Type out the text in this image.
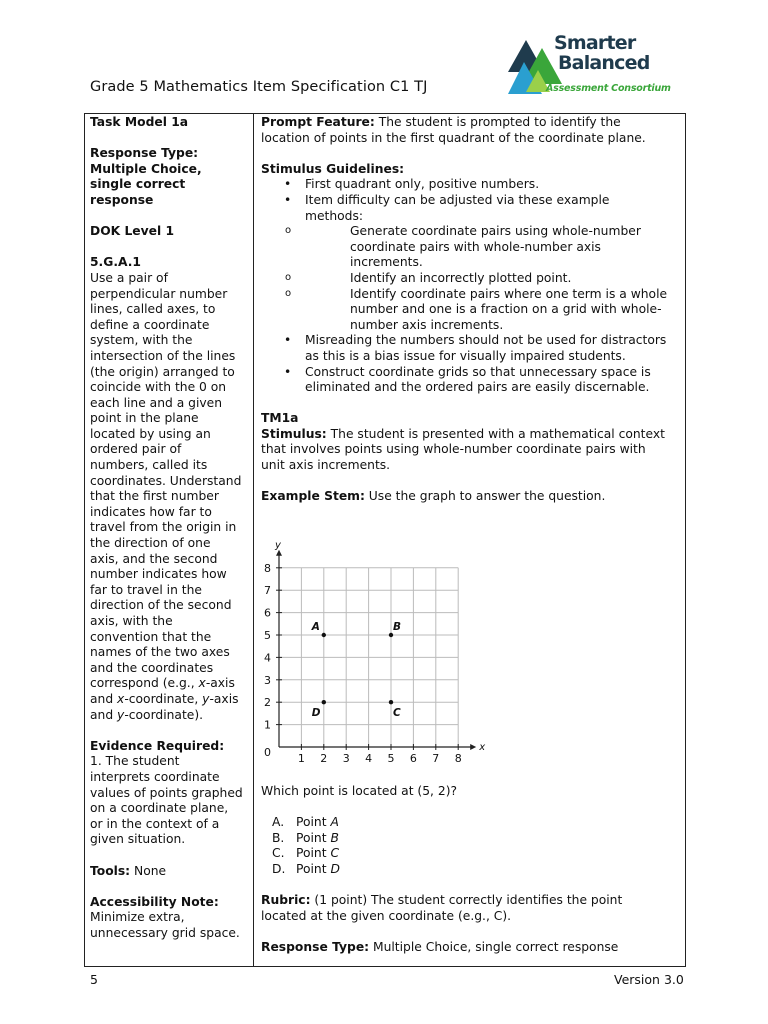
Grade 5 Mathematics Item Specification C1 TJ
Smarter
Balanced
Assessment Consortium

Task Model 1a

Response Type:

Multiple Choice,

single correct

response

DOK Level 1

5.G.A.1

Use a pair of

perpendicular number

lines, called axes, to

define a coordinate

system, with the

intersection of the lines

(the origin) arranged to

coincide with the 0 on

each line and a given

point in the plane

located by using an

ordered pair of

numbers, called its

coordinates. Understand

that the first number

indicates how far to

travel from the origin in

the direction of one

axis, and the second

number indicates how

far to travel in the

direction of the second

axis, with the

convention that the

names of the two axes

and the coordinates

correspond (e.g., x-axis

and x-coordinate, y-axis

and y-coordinate).

Evidence Required:

1. The student

interprets coordinate

values of points graphed

on a coordinate plane,

or in the context of a

given situation.

Tools: None

Accessibility Note:

Minimize extra,

unnecessary grid space.

Prompt Feature: The student is prompted to identify the

location of points in the first quadrant of the coordinate plane.

Stimulus Guidelines:

• First quadrant only, positive numbers.
• Item difficulty can be adjusted via these example
methods:
o Generate coordinate pairs using whole-number
coordinate pairs with whole-number axis
increments.
o Identify an incorrectly plotted point.
o Identify coordinate pairs where one term is a whole
number and one is a fraction on a grid with whole-
number axis increments.
• Misreading the numbers should not be used for distractors
as this is a bias issue for visually impaired students.
• Construct coordinate grids so that unnecessary space is
eliminated and the ordered pairs are easily discernable.

TM1a

Stimulus: The student is presented with a mathematical context

that involves points using whole-number coordinate pairs with

unit axis increments.

Example Stem: Use the graph to answer the question.

1 2 3 4 5 6 7 8
1
2
3
4
5
6
7
8
0	x
y
A	B
C
D

Which point is located at (5, 2)?

A. Point A
B. Point B
C. Point C
D. Point D

Rubric: (1 point) The student correctly identifies the point

located at the given coordinate (e.g., C).

Response Type: Multiple Choice, single correct response

5	Version 3.0
